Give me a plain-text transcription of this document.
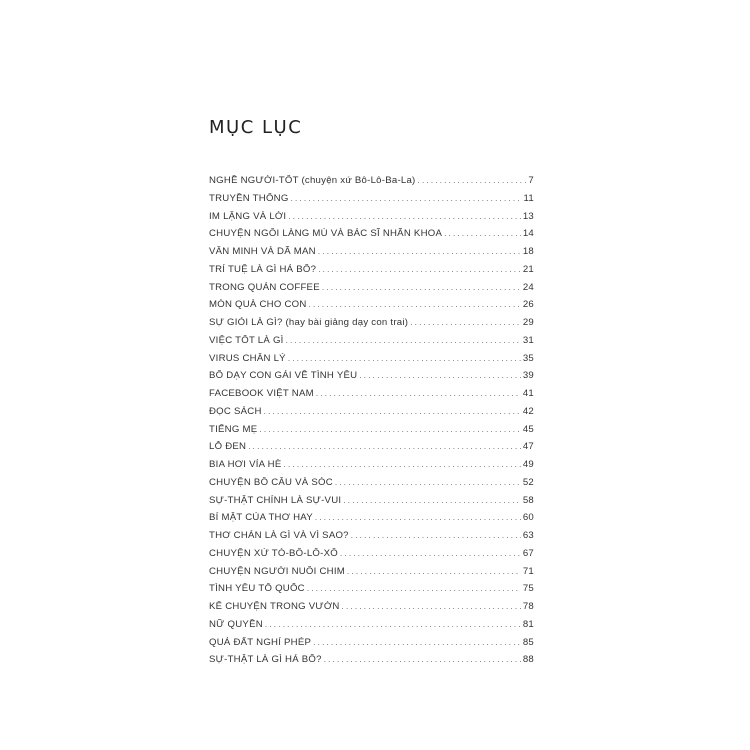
MỤC LỤC
NGHỀ NGƯỜI-TỐT (chuyện xứ Bô-Lô-Ba-La) . . .	7
TRUYỀN THỐNG . . .	11
IM LẶNG VÀ LỜI . . .	13
CHUYỆN NGÔI LÀNG MÙ VÀ BÁC SĨ NHÃN KHOA . . .	14
VĂN MINH VÀ DÃ MAN . . .	18
TRÍ TUỆ LÀ GÌ HẢ BỐ? . . .	21
TRONG QUÁN COFFEE . . .	24
MÓN QUÀ CHO CON . . .	26
SỰ GIỎI LÀ GÌ? (hay bài giảng dạy con trai) . . .	29
VIỆC TỐT LÀ GÌ . . .	31
VIRUS CHÂN LÝ . . .	35
BỐ DẠY CON GÁI VỀ TÌNH YÊU . . .	39
FACEBOOK VIỆT NAM . . .	41
ĐỌC SÁCH . . .	42
TIẾNG MẸ . . .	45
LỖ ĐEN . . .	47
BIA HƠI VỈA HÈ . . .	49
CHUYỆN BỒ CÂU VÀ SÓC . . .	52
SỰ-THẬT CHÍNH LÀ SỰ-VUI . . .	58
BÍ MẬT CỦA THƠ HAY . . .	60
THƠ CHÁN LÀ GÌ VÀ VÌ SAO? . . .	63
CHUYỆN XỨ TÒ-BÔ-LÔ-XÔ . . .	67
CHUYỆN NGƯỜI NUÔI CHIM . . .	71
TÌNH YÊU TỔ QUỐC . . .	75
KỂ CHUYỆN TRONG VƯỜN . . .	78
NỮ QUYỀN . . .	81
QUẢ ĐẤT NGHỈ PHÉP . . .	85
SỰ-THẬT LÀ GÌ HẢ BỐ? . . .	88
